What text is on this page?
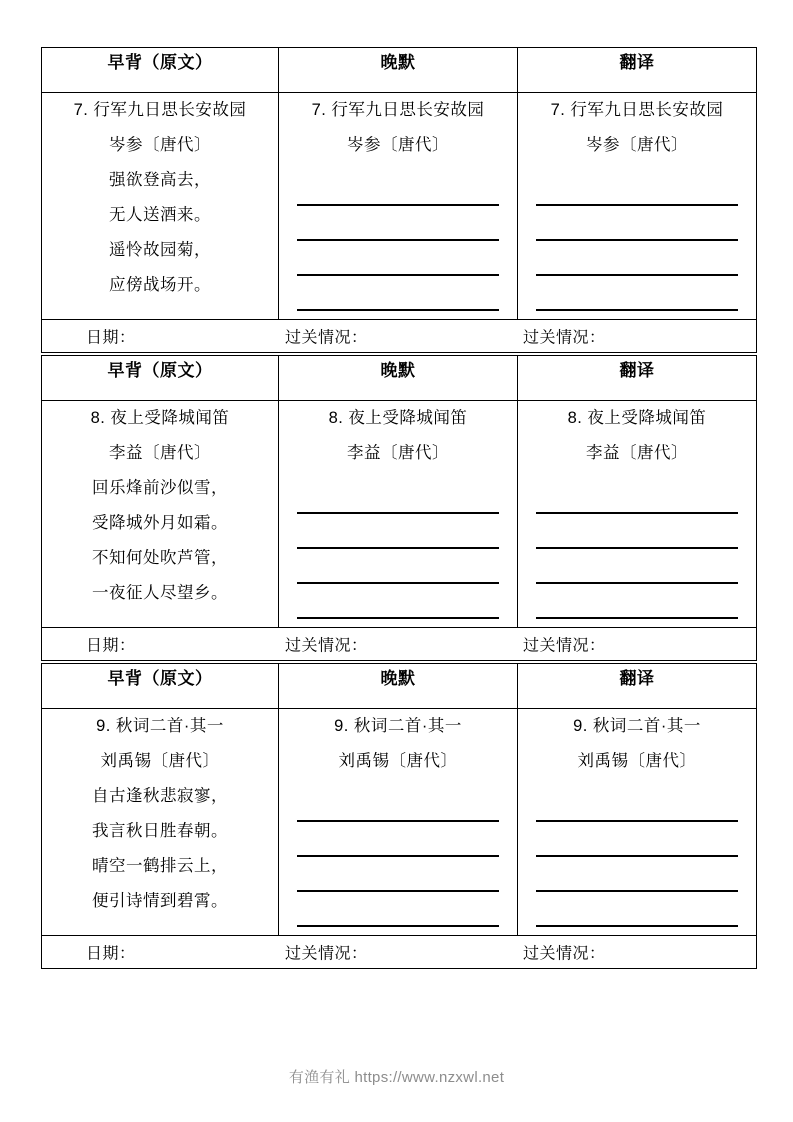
早背（原文）	晚默	翻译

7. 行军九日思长安故园
岑参〔唐代〕
强欲登高去，
无人送酒来。
遥怜故园菊，
应傍战场开。

7. 行军九日思长安故园
岑参〔唐代〕

7. 行军九日思长安故园
岑参〔唐代〕

日期： 过关情况： 过关情况：		
早背（原文）	晚默	翻译

8. 夜上受降城闻笛
李益〔唐代〕
回乐烽前沙似雪，
受降城外月如霜。
不知何处吹芦管，
一夜征人尽望乡。

8. 夜上受降城闻笛
李益〔唐代〕

8. 夜上受降城闻笛
李益〔唐代〕

日期： 过关情况： 过关情况：		
早背（原文）	晚默	翻译

9. 秋词二首·其一
刘禹锡〔唐代〕
自古逢秋悲寂寥，
我言秋日胜春朝。
晴空一鹤排云上，
便引诗情到碧霄。

9. 秋词二首·其一
刘禹锡〔唐代〕

9. 秋词二首·其一
刘禹锡〔唐代〕

日期： 过关情况： 过关情况：		
有渔有礼 https://www.nzxwl.net
